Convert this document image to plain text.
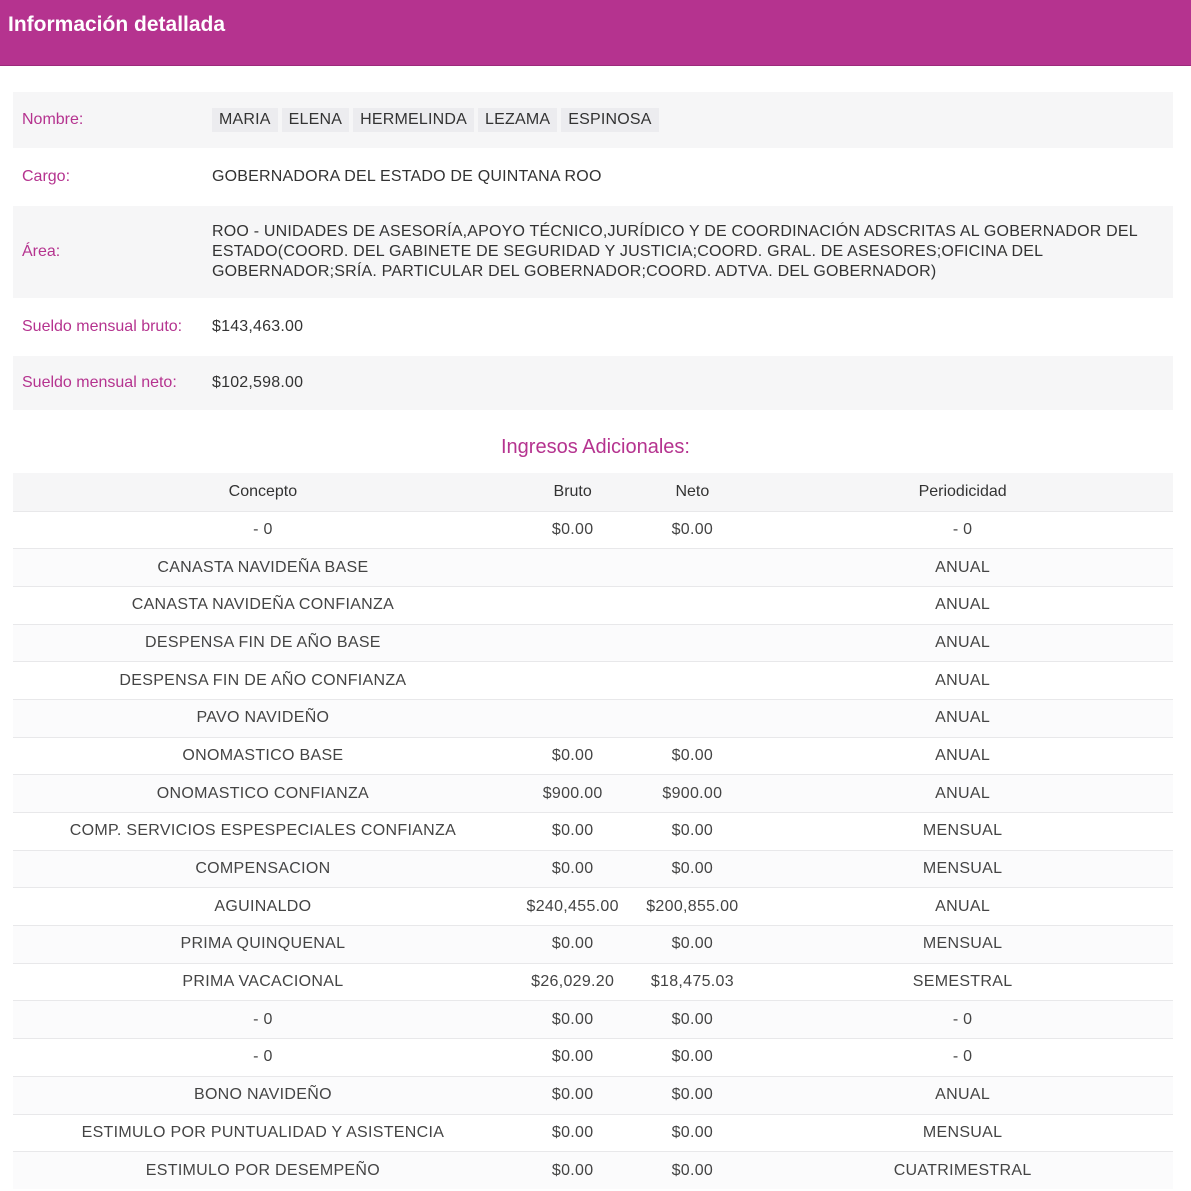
Información detallada
Nombre:	MARIA ELENA HERMELINDA LEZAMA ESPINOSA
Cargo:	GOBERNADORA DEL ESTADO DE QUINTANA ROO
Área:
ROO - UNIDADES DE ASESORÍA,APOYO TÉCNICO,JURÍDICO Y DE COORDINACIÓN ADSCRITAS AL GOBERNADOR DEL ESTADO(COORD. DEL GABINETE DE SEGURIDAD Y JUSTICIA;COORD. GRAL. DE ASESORES;OFICINA DEL GOBERNADOR;SRÍA. PARTICULAR DEL GOBERNADOR;COORD. ADTVA. DEL GOBERNADOR)
Sueldo mensual bruto:	$143,463.00
Sueldo mensual neto:	$102,598.00
Ingresos Adicionales:
Concepto	Bruto	Neto	Periodicidad
- 0	$0.00	$0.00	- 0
CANASTA NAVIDEÑA BASE			ANUAL
CANASTA NAVIDEÑA CONFIANZA			ANUAL
DESPENSA FIN DE AÑO BASE			ANUAL
DESPENSA FIN DE AÑO CONFIANZA			ANUAL
PAVO NAVIDEÑO			ANUAL
ONOMASTICO BASE	$0.00	$0.00	ANUAL
ONOMASTICO CONFIANZA	$900.00	$900.00	ANUAL
COMP. SERVICIOS ESPESPECIALES CONFIANZA	$0.00	$0.00	MENSUAL
COMPENSACION	$0.00	$0.00	MENSUAL
AGUINALDO	$240,455.00	$200,855.00	ANUAL
PRIMA QUINQUENAL	$0.00	$0.00	MENSUAL
PRIMA VACACIONAL	$26,029.20	$18,475.03	SEMESTRAL
- 0	$0.00	$0.00	- 0
- 0	$0.00	$0.00	- 0
BONO NAVIDEÑO	$0.00	$0.00	ANUAL
ESTIMULO POR PUNTUALIDAD Y ASISTENCIA	$0.00	$0.00	MENSUAL
ESTIMULO POR DESEMPEÑO	$0.00	$0.00	CUATRIMESTRAL
